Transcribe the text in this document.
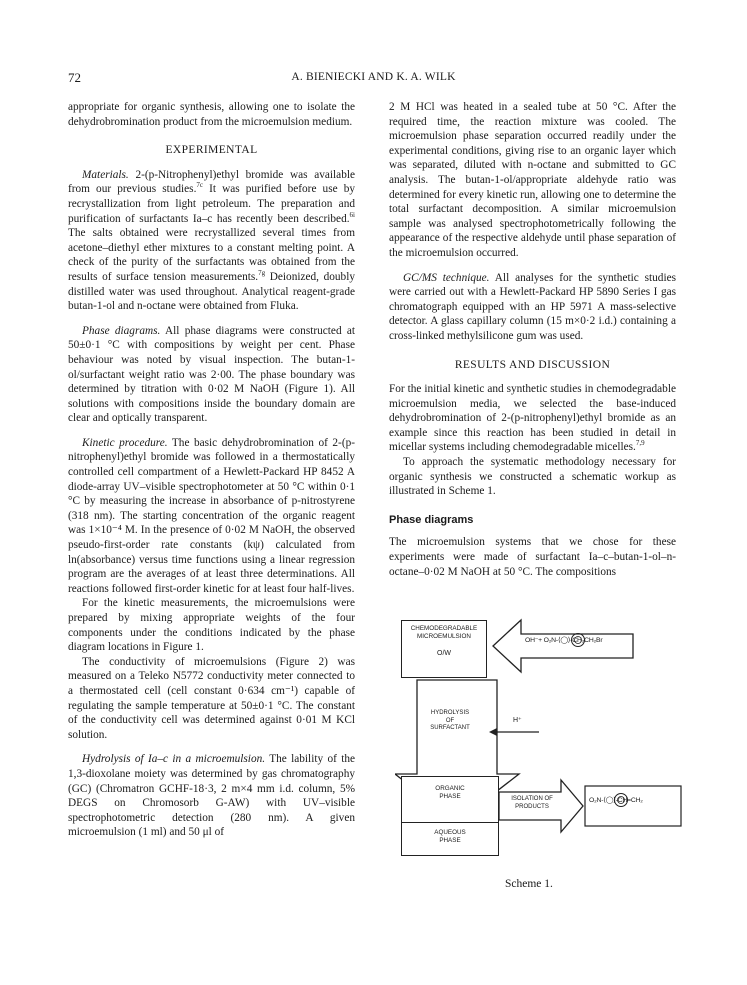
72	A. BIENIECKI AND K. A. WILK

appropriate for organic synthesis, allowing one to isolate the dehydrobromination product from the microemulsion medium.

EXPERIMENTAL

Materials. 2-(p-Nitrophenyl)ethyl bromide was available from our previous studies.$^{7c}$ It was purified before use by recrystallization from light petroleum. The preparation and purification of surfactants Ia–c has recently been described.$^{6i}$ The salts obtained were recrystallized several times from acetone–diethyl ether mixtures to a constant melting point. A check of the purity of the surfactants was obtained from the results of surface tension measurements.$^{7g}$ Deionized, doubly distilled water was used throughout. Analytical reagent-grade butan-1-ol and n-octane were obtained from Fluka.

Phase diagrams. All phase diagrams were constructed at 50±0·1 °C with compositions by weight per cent. Phase behaviour was noted by visual inspection. The butan-1-ol/surfactant weight ratio was 2·00. The phase boundary was determined by titration with 0·02 M NaOH (Figure 1). All solutions with compositions inside the boundary domain are clear and optically transparent.

Kinetic procedure. The basic dehydrobromination of 2-(p-nitrophenyl)ethyl bromide was followed in a thermostatically controlled cell compartment of a Hewlett-Packard HP 8452 A diode-array UV–visible spectrophotometer at 50 °C within 0·1 °C by measuring the increase in absorbance of p-nitrostyrene (318 nm). The starting concentration of the organic reagent was 1×10⁻⁴ M. In the presence of 0·02 M NaOH, the observed pseudo-first-order rate constants (kψ) calculated from ln(absorbance) versus time functions using a linear regression program are the averages of at least three determinations. All reactions followed first-order kinetic for at least four half-lives.

For the kinetic measurements, the microemulsions were prepared by mixing appropriate weights of the four components under the conditions indicated by the phase diagram locations in Figure 1.

The conductivity of microemulsions (Figure 2) was measured on a Teleko N5772 conductivity meter connected to a thermostated cell (cell constant 0·634 cm⁻¹) capable of regulating the sample temperature at 50±0·1 °C. The constant of the conductivity cell was determined against 0·01 M KCl solution.

Hydrolysis of Ia–c in a microemulsion. The lability of the 1,3-dioxolane moiety was determined by gas chromatography (GC) (Chromatron GCHF-18·3, 2 m×4 mm i.d. column, 5% DEGS on Chromosorb G-AW) with UV–visible spectrophotometric detection (280 nm). A given microemulsion (1 ml) and 50 μl of

2 M HCl was heated in a sealed tube at 50 °C. After the required time, the reaction mixture was cooled. The microemulsion phase separation occurred readily under the experimental conditions, giving rise to an organic layer which was separated, diluted with n-octane and submitted to GC analysis. The butan-1-ol/appropriate aldehyde ratio was determined for every kinetic run, allowing one to determine the total surfactant decomposition. A similar microemulsion sample was analysed spectrophotometrically following the appearance of the respective aldehyde until phase separation of the microemulsion occurred.

GC/MS technique. All analyses for the synthetic studies were carried out with a Hewlett-Packard HP 5890 Series I gas chromatograph equipped with an HP 5971 A mass-selective detector. A glass capillary column (15 m×0·2 i.d.) containing a cross-linked methylsilicone gum was used.

RESULTS AND DISCUSSION

For the initial kinetic and synthetic studies in chemodegradable microemulsion media, we selected the base-induced dehydrobromination of 2-(p-nitrophenyl)ethyl bromide as an example since this reaction has been studied in detail in micellar systems including chemodegradable micelles.$^{7,9}$

To approach the systematic methodology necessary for organic synthesis we constructed a schematic workup as illustrated in Scheme 1.

Phase diagrams

The microemulsion systems that we chose for these experiments were made of surfactant Ia–c–butan-1-ol–n-octane–0·02 M NaOH at 50 °C. The compositions

CHEMODEGRADABLE
MICROEMULSION
O/W
OH⁻+ O₂N-⟨◯⟩-CH₂CH₂Br
HYDROLYSIS
OF
SURFACTANT
H⁺
ORGANIC
PHASE	ISOLATION OF
PRODUCTS
O₂N-⟨◯⟩-CH=CH₂
AQUEOUS
PHASE
Scheme 1.
